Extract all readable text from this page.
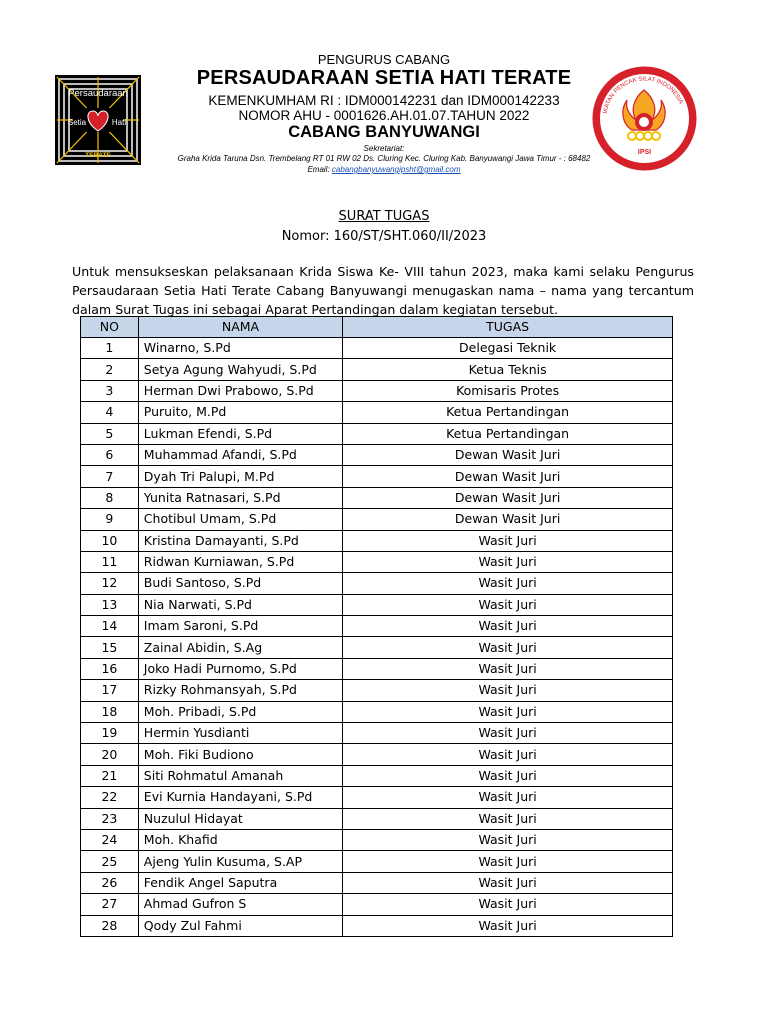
Persaudaraan
Setia	Hati
TERATE
IKATAN PENCAK SILAT INDONESIA
IPSI
PENGURUS CABANG
PERSAUDARAAN SETIA HATI TERATE
KEMENKUMHAM RI : IDM000142231 dan IDM000142233
NOMOR AHU - 0001626.AH.01.07.TAHUN 2022
CABANG BANYUWANGI
Sekretariat:
Graha Krida Taruna Dsn. Trembelang RT 01 RW 02 Ds. Cluring Kec. Cluring Kab. Banyuwangi Jawa Timur - : 68482
Email: cabangbanyuwangipsht@gmail.com
SURAT TUGAS
Nomor: 160/ST/SHT.060/II/2023
Untuk mensukseskan pelaksanaan Krida Siswa Ke- VIII tahun 2023, maka kami selaku Pengurus Persaudaraan Setia Hati Terate Cabang Banyuwangi menugaskan nama – nama yang tercantum dalam Surat Tugas ini sebagai Aparat Pertandingan dalam kegiatan tersebut.
NO	NAMA	TUGAS
1	Winarno, S.Pd	Delegasi Teknik
2	Setya Agung Wahyudi, S.Pd	Ketua Teknis
3	Herman Dwi Prabowo, S.Pd	Komisaris Protes
4	Puruito, M.Pd	Ketua Pertandingan
5	Lukman Efendi, S.Pd	Ketua Pertandingan
6	Muhammad Afandi, S.Pd	Dewan Wasit Juri
7	Dyah Tri Palupi, M.Pd	Dewan Wasit Juri
8	Yunita Ratnasari, S.Pd	Dewan Wasit Juri
9	Chotibul Umam, S.Pd	Dewan Wasit Juri
10	Kristina Damayanti, S.Pd	Wasit Juri
11	Ridwan Kurniawan, S.Pd	Wasit Juri
12	Budi Santoso, S.Pd	Wasit Juri
13	Nia Narwati, S.Pd	Wasit Juri
14	Imam Saroni, S.Pd	Wasit Juri
15	Zainal Abidin, S.Ag	Wasit Juri
16	Joko Hadi Purnomo, S.Pd	Wasit Juri
17	Rizky Rohmansyah, S.Pd	Wasit Juri
18	Moh. Pribadi, S.Pd	Wasit Juri
19	Hermin Yusdianti	Wasit Juri
20	Moh. Fiki Budiono	Wasit Juri
21	Siti Rohmatul Amanah	Wasit Juri
22	Evi Kurnia Handayani, S.Pd	Wasit Juri
23	Nuzulul Hidayat	Wasit Juri
24	Moh. Khafid	Wasit Juri
25	Ajeng Yulin Kusuma, S.AP	Wasit Juri
26	Fendik Angel Saputra	Wasit Juri
27	Ahmad Gufron S	Wasit Juri
28	Qody Zul Fahmi	Wasit Juri
